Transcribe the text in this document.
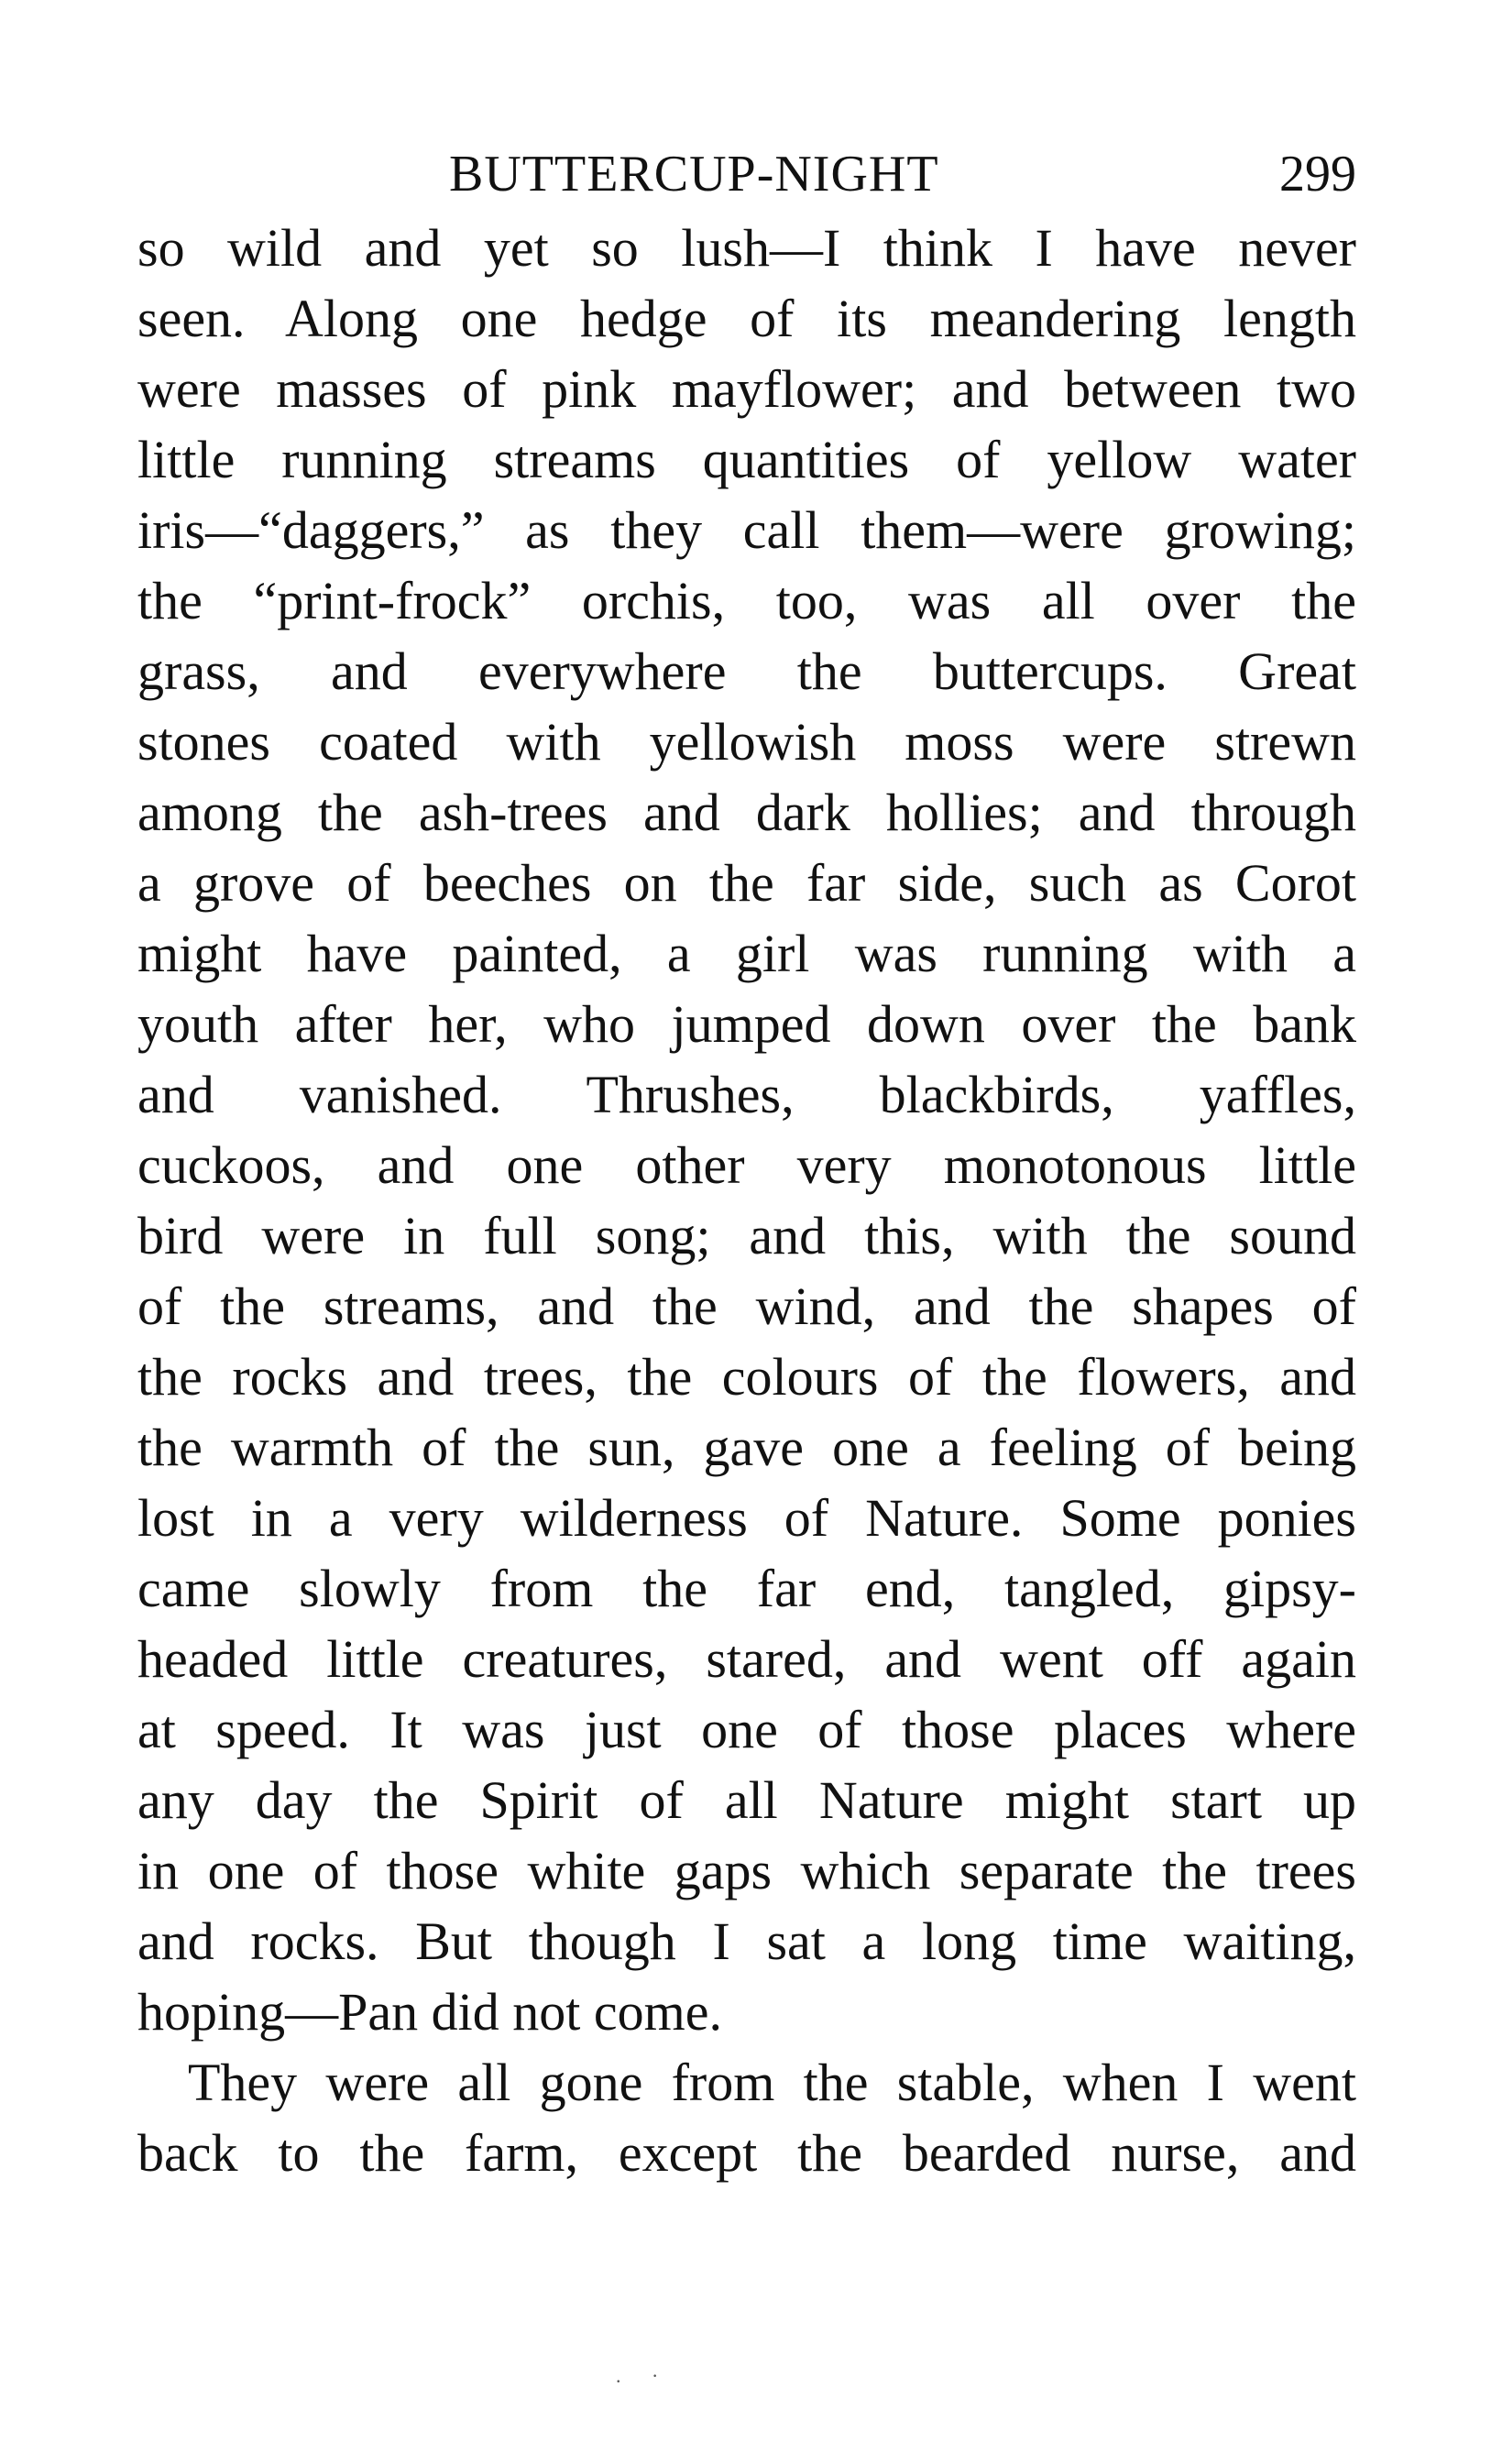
BUTTERCUP-NIGHT	299
so wild and yet so lush—I think I have never
seen. Along one hedge of its meandering length
were masses of pink mayflower; and between two
little running streams quantities of yellow water
iris—“daggers,” as they call them—were growing;
the “print-frock” orchis, too, was all over the
grass, and everywhere the buttercups. Great
stones coated with yellowish moss were strewn
among the ash-trees and dark hollies; and through
a grove of beeches on the far side, such as Corot
might have painted, a girl was running with a
youth after her, who jumped down over the bank
and vanished. Thrushes, blackbirds, yaffles,
cuckoos, and one other very monotonous little
bird were in full song; and this, with the sound
of the streams, and the wind, and the shapes of
the rocks and trees, the colours of the flowers, and
the warmth of the sun, gave one a feeling of being
lost in a very wilderness of Nature. Some ponies
came slowly from the far end, tangled, gipsy-
headed little creatures, stared, and went off again
at speed. It was just one of those places where
any day the Spirit of all Nature might start up
in one of those white gaps which separate the trees
and rocks. But though I sat a long time waiting,
hoping—Pan did not come.
They were all gone from the stable, when I went
back to the farm, except the bearded nurse, and
. ·
